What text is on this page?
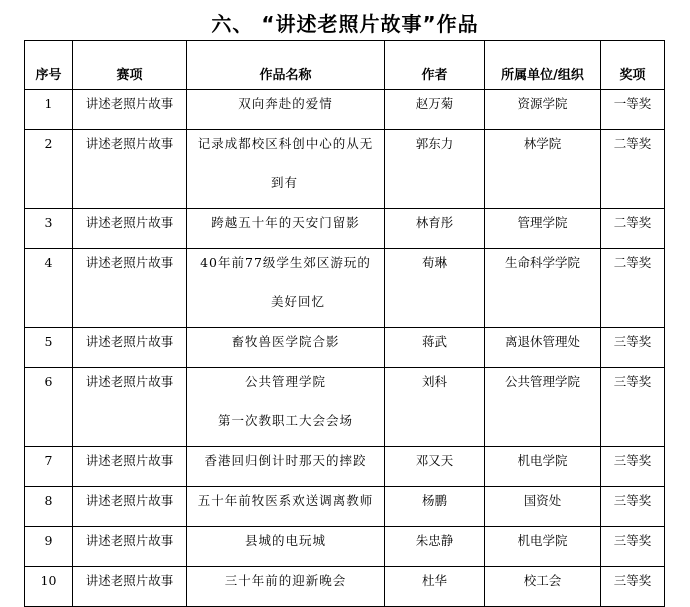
六、 “讲述老照片故事”作品
序号	赛项	作品名称	作者	所属单位/组织	奖项

1	讲述老照片故事	双向奔赴的爱情	赵万菊	资源学院	一等奖

2	讲述老照片故事	记录成都校区科创中心的从无
到有	郭东力	林学院	二等奖

3	讲述老照片故事	跨越五十年的天安门留影	林育彤	管理学院	二等奖

4	讲述老照片故事	40年前77级学生郊区游玩的
美好回忆	荀琳	生命科学学院	二等奖

5	讲述老照片故事	畜牧兽医学院合影	蒋武	离退休管理处	三等奖

6	讲述老照片故事	公共管理学院
第一次教职工大会会场	刘科	公共管理学院	三等奖

7	讲述老照片故事	香港回归倒计时那天的摔跤	邓又天	机电学院	三等奖

8	讲述老照片故事	五十年前牧医系欢送调离教师	杨鹏	国资处	三等奖

9	讲述老照片故事	县城的电玩城	朱忠静	机电学院	三等奖

10	讲述老照片故事	三十年前的迎新晚会	杜华	校工会	三等奖
